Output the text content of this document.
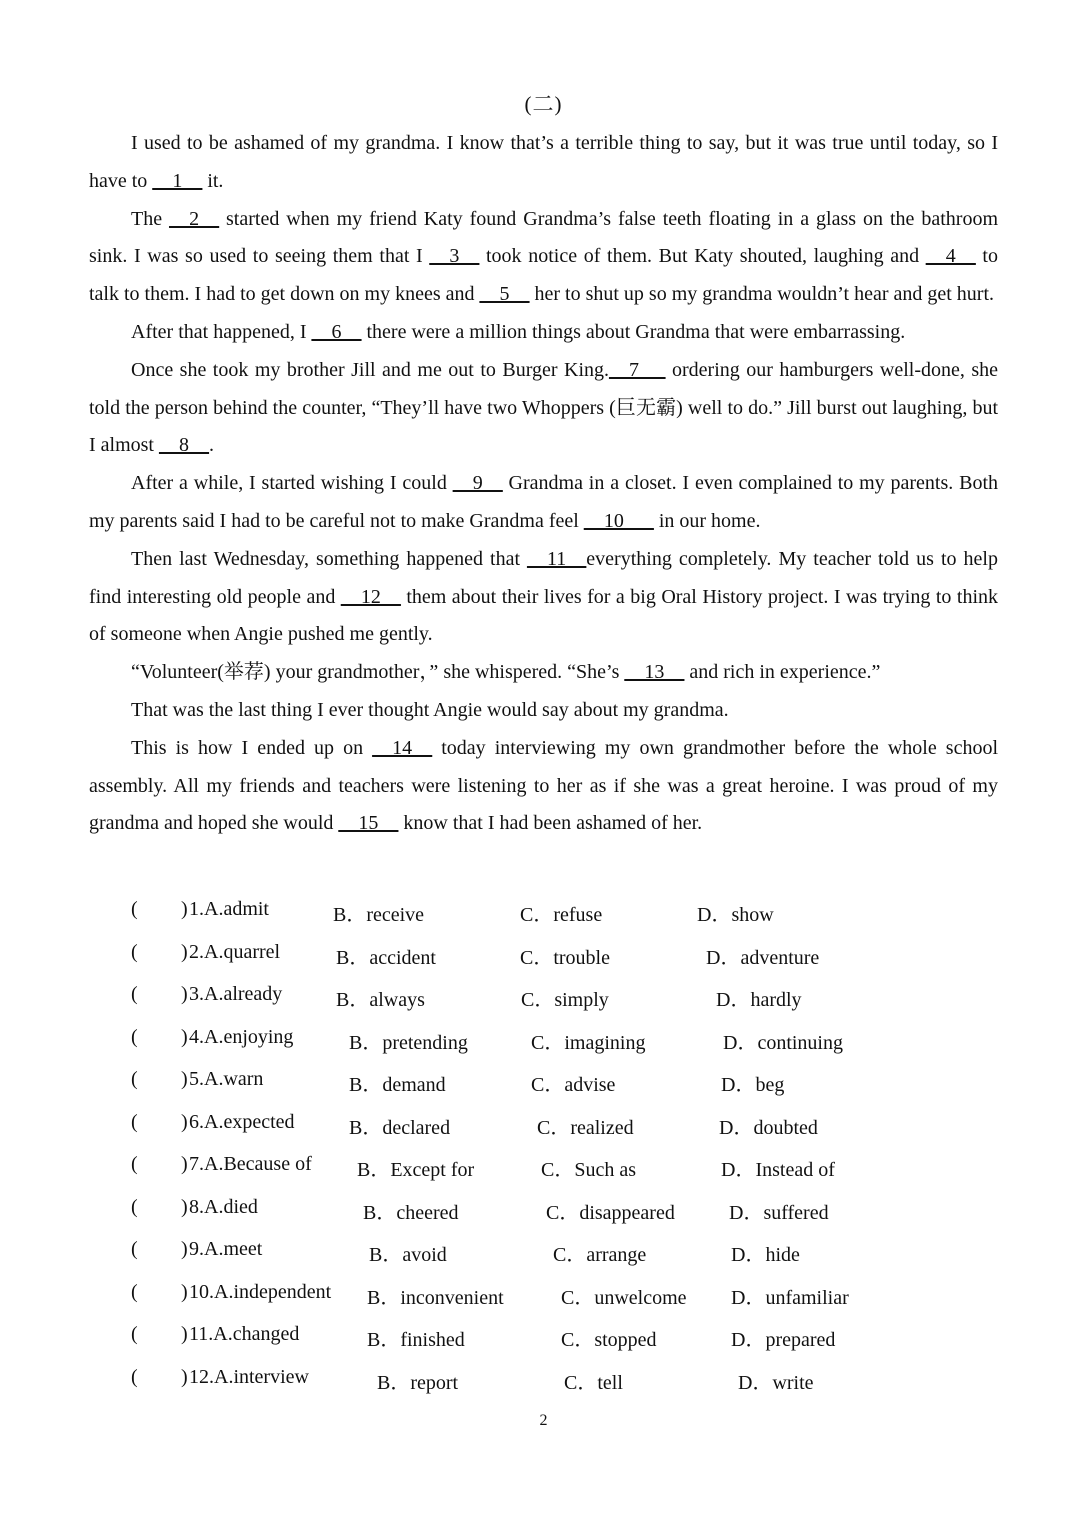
(二)

I used to be ashamed of my grandma. I know that’s a terrible thing to say, but it was true until today, so I have to __1__ it.

The __2__ started when my friend Katy found Grandma’s false teeth floating in a glass on the bathroom sink. I was so used to seeing them that I __3__ took notice of them. But Katy shouted, laughing and __4__ to talk to them. I had to get down on my knees and __5__ her to shut up so my grandma wouldn’t hear and get hurt.

After that happened, I __6__ there were a million things about Grandma that were embarrassing.

Once she took my brother Jill and me out to Burger King.__7_ _ ordering our hamburgers well-done, she told the person behind the counter, “They’ll have two Whoppers (巨无霸) well to do.” Jill burst out laughing, but I almost __8__.

After a while, I started wishing I could __9__ Grandma in a closet. I even complained to my parents. Both my parents said I had to be careful not to make Grandma feel __10___ in our home.

Then last Wednesday, something happened that __11__everything completely. My teacher told us to help find interesting old people and __12__ them about their lives for a big Oral History project. I was trying to think of someone when Angie pushed me gently.

“Volunteer(举荐) your grandmother，” she whispered. “She’s __13__ and rich in experience.”

That was the last thing I ever thought Angie would say about my grandma.

This is how I ended up on __14__ today interviewing my own grandmother before the whole school assembly. All my friends and teachers were listening to her as if she was a great heroine. I was proud of my grandma and hoped she would __15__ know that I had been ashamed of her.

( ) 1.A.admit	B．receive	C．refuse	D．show
( ) 2.A.quarrel	B．accident	C．trouble	D．adventure
( ) 3.A.already	B．always	C．simply	D．hardly
( ) 4.A.enjoying	B．pretending	C．imagining	D．continuing
( ) 5.A.warn	B．demand	C．advise	D．beg
( ) 6.A.expected	B．declared	C．realized	D．doubted
( ) 7.A.Because of B．Except for	C．Such as	D．Instead of
( ) 8.A.died	B．cheered	C．disappeared	D．suffered
( ) 9.A.meet	B．avoid	C．arrange	D．hide
( ) 10.A.independent B．inconvenient	C．unwelcome D．unfamiliar
( ) 11.A.changed	B．finished	C．stopped	D．prepared
( ) 12.A.interview	B．report	C．tell	D．write
2
